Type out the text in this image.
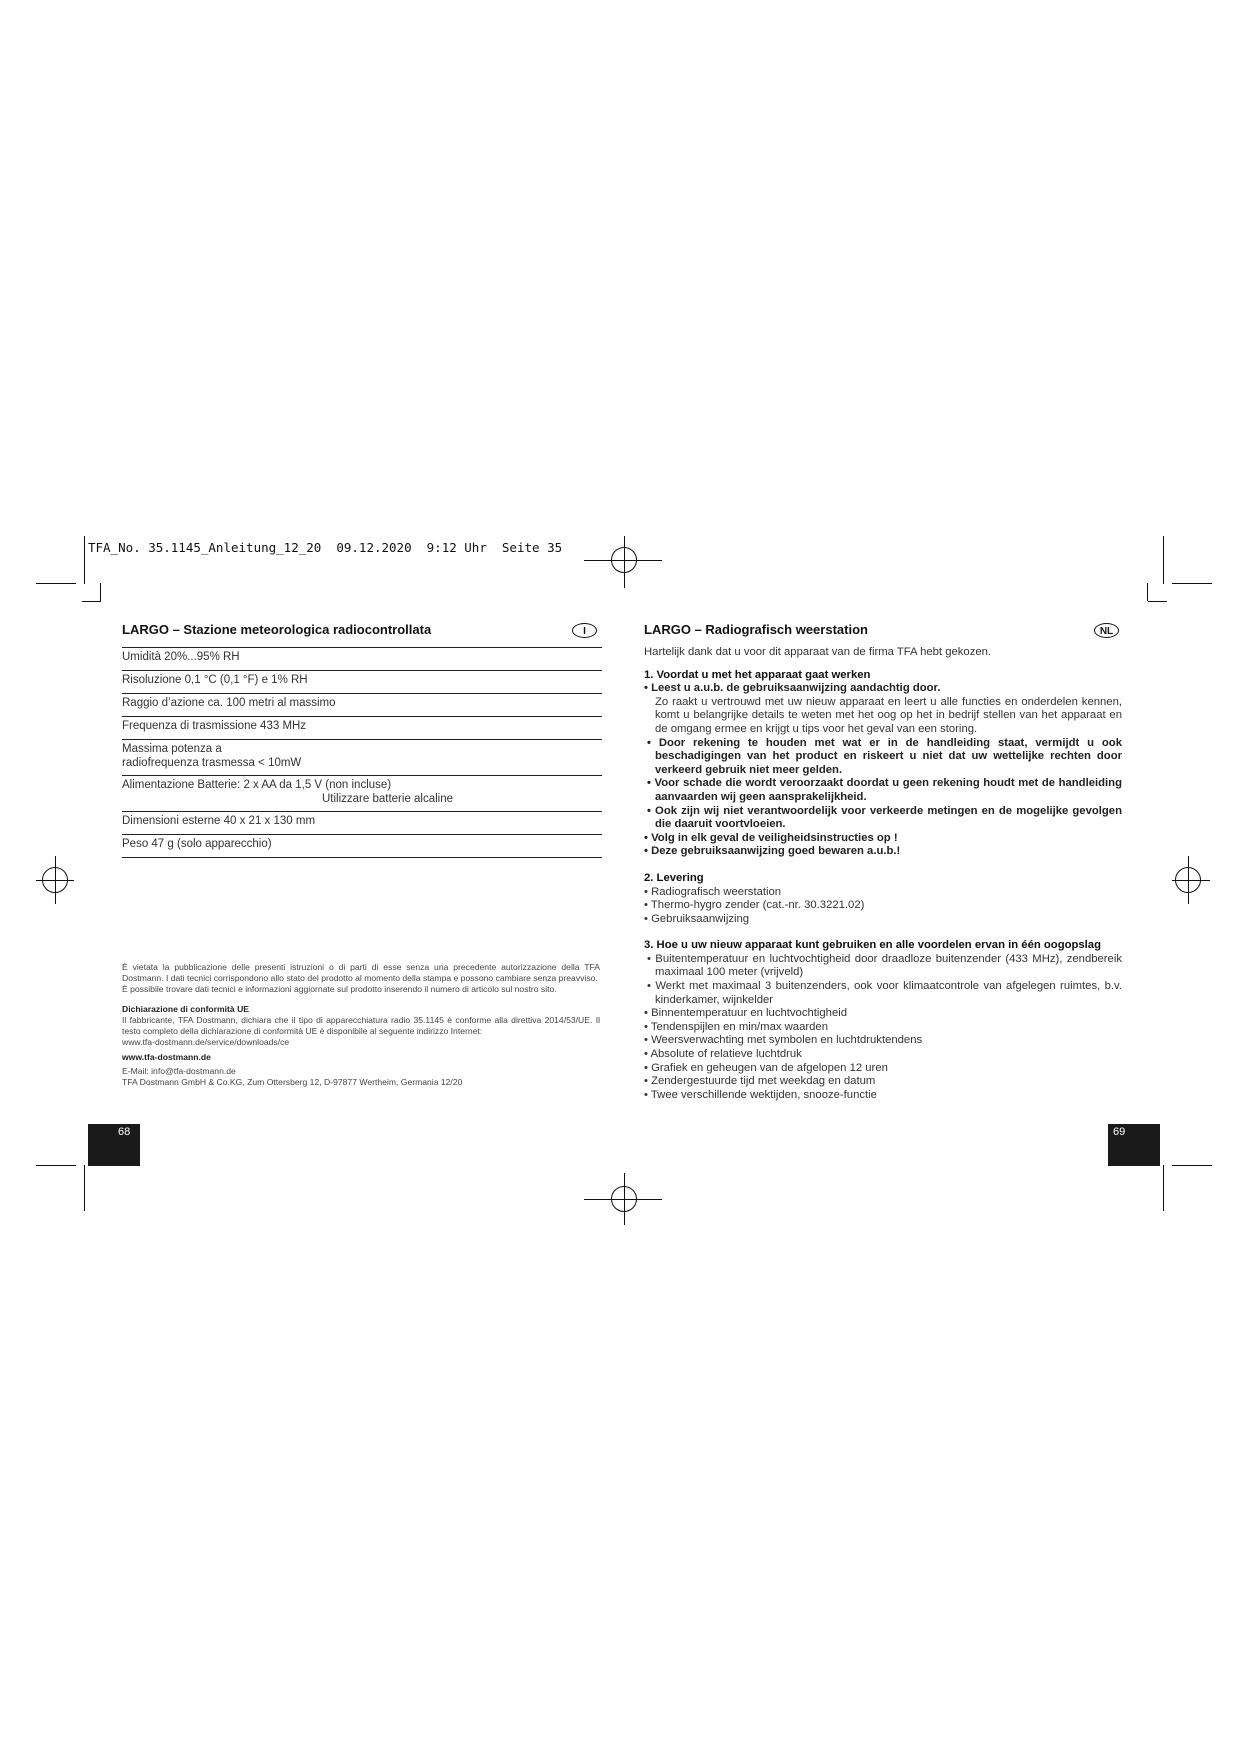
TFA_No. 35.1145_Anleitung_12_20  09.12.2020  9:12 Uhr  Seite 35
LARGO – Stazione meteorologica radiocontrollata	I
Umidità 20%...95% RH
Risoluzione 0,1 °C (0,1 °F) e 1% RH
Raggio d’azione ca. 100 metri al massimo
Frequenza di trasmissione 433 MHz
Massima potenza a
radiofrequenza trasmessa < 10mW
Alimentazione Batterie: 2 x AA da 1,5 V (non incluse)
Utilizzare batterie alcaline
Dimensioni esterne 40 x 21 x 130 mm
Peso 47 g (solo apparecchio)
È vietata la pubblicazione delle presenti istruzioni o di parti di esse senza una precedente autorizzazione della TFA Dostmann. I dati tecnici corrispondono allo stato del prodotto al momento della stampa e possono cambiare senza preavviso.
È possibile trovare dati tecnici e informazioni aggiornate sul prodotto inserendo il numero di articolo sul nostro sito.
Dichiarazione di conformità UE
Il fabbricante, TFA Dostmann, dichiara che il tipo di apparecchiatura radio 35.1145 è conforme alla direttiva 2014/53/UE. Il testo completo della dichiarazione di conformità UE è disponibile al seguente indirizzo Internet:
www.tfa-dostmann.de/service/downloads/ce
www.tfa-dostmann.de
E-Mail: info@tfa-dostmann.de
TFA Dostmann GmbH & Co.KG, Zum Ottersberg 12, D-97877 Wertheim, Germania 12/20
68
LARGO – Radiografisch weerstation	NL
Hartelijk dank dat u voor dit apparaat van de firma TFA hebt gekozen.
1. Voordat u met het apparaat gaat werken
• Leest u a.u.b. de gebruiksaanwijzing aandachtig door.
Zo raakt u vertrouwd met uw nieuw apparaat en leert u alle functies en onderdelen kennen, komt u belangrijke details te weten met het oog op het in bedrijf stellen van het apparaat en de omgang ermee en krijgt u tips voor het geval van een storing.
• Door rekening te houden met wat er in de handleiding staat, vermijdt u ook beschadigingen van het product en riskeert u niet dat uw wettelijke rechten door verkeerd gebruik niet meer gelden.
• Voor schade die wordt veroorzaakt doordat u geen rekening houdt met de handleiding aanvaarden wij geen aansprakelijkheid.
• Ook zijn wij niet verantwoordelijk voor verkeerde metingen en de mogelijke gevolgen die daaruit voortvloeien.
• Volg in elk geval de veiligheidsinstructies op !
• Deze gebruiksaanwijzing goed bewaren a.u.b.!
2. Levering
• Radiografisch weerstation
• Thermo-hygro zender (cat.-nr. 30.3221.02)
• Gebruiksaanwijzing
3. Hoe u uw nieuw apparaat kunt gebruiken en alle voordelen ervan in één oogopslag
• Buitentemperatuur en luchtvochtigheid door draadloze buitenzender (433 MHz), zendbereik maximaal 100 meter (vrijveld)
• Werkt met maximaal 3 buitenzenders, ook voor klimaatcontrole van afgelegen ruimtes, b.v. kinderkamer, wijnkelder
• Binnentemperatuur en luchtvochtigheid
• Tendenspijlen en min/max waarden
• Weersverwachting met symbolen en luchtdruktendens
• Absolute of relatieve luchtdruk
• Grafiek en geheugen van de afgelopen 12 uren
• Zendergestuurde tijd met weekdag en datum
• Twee verschillende wektijden, snooze-functie
69
